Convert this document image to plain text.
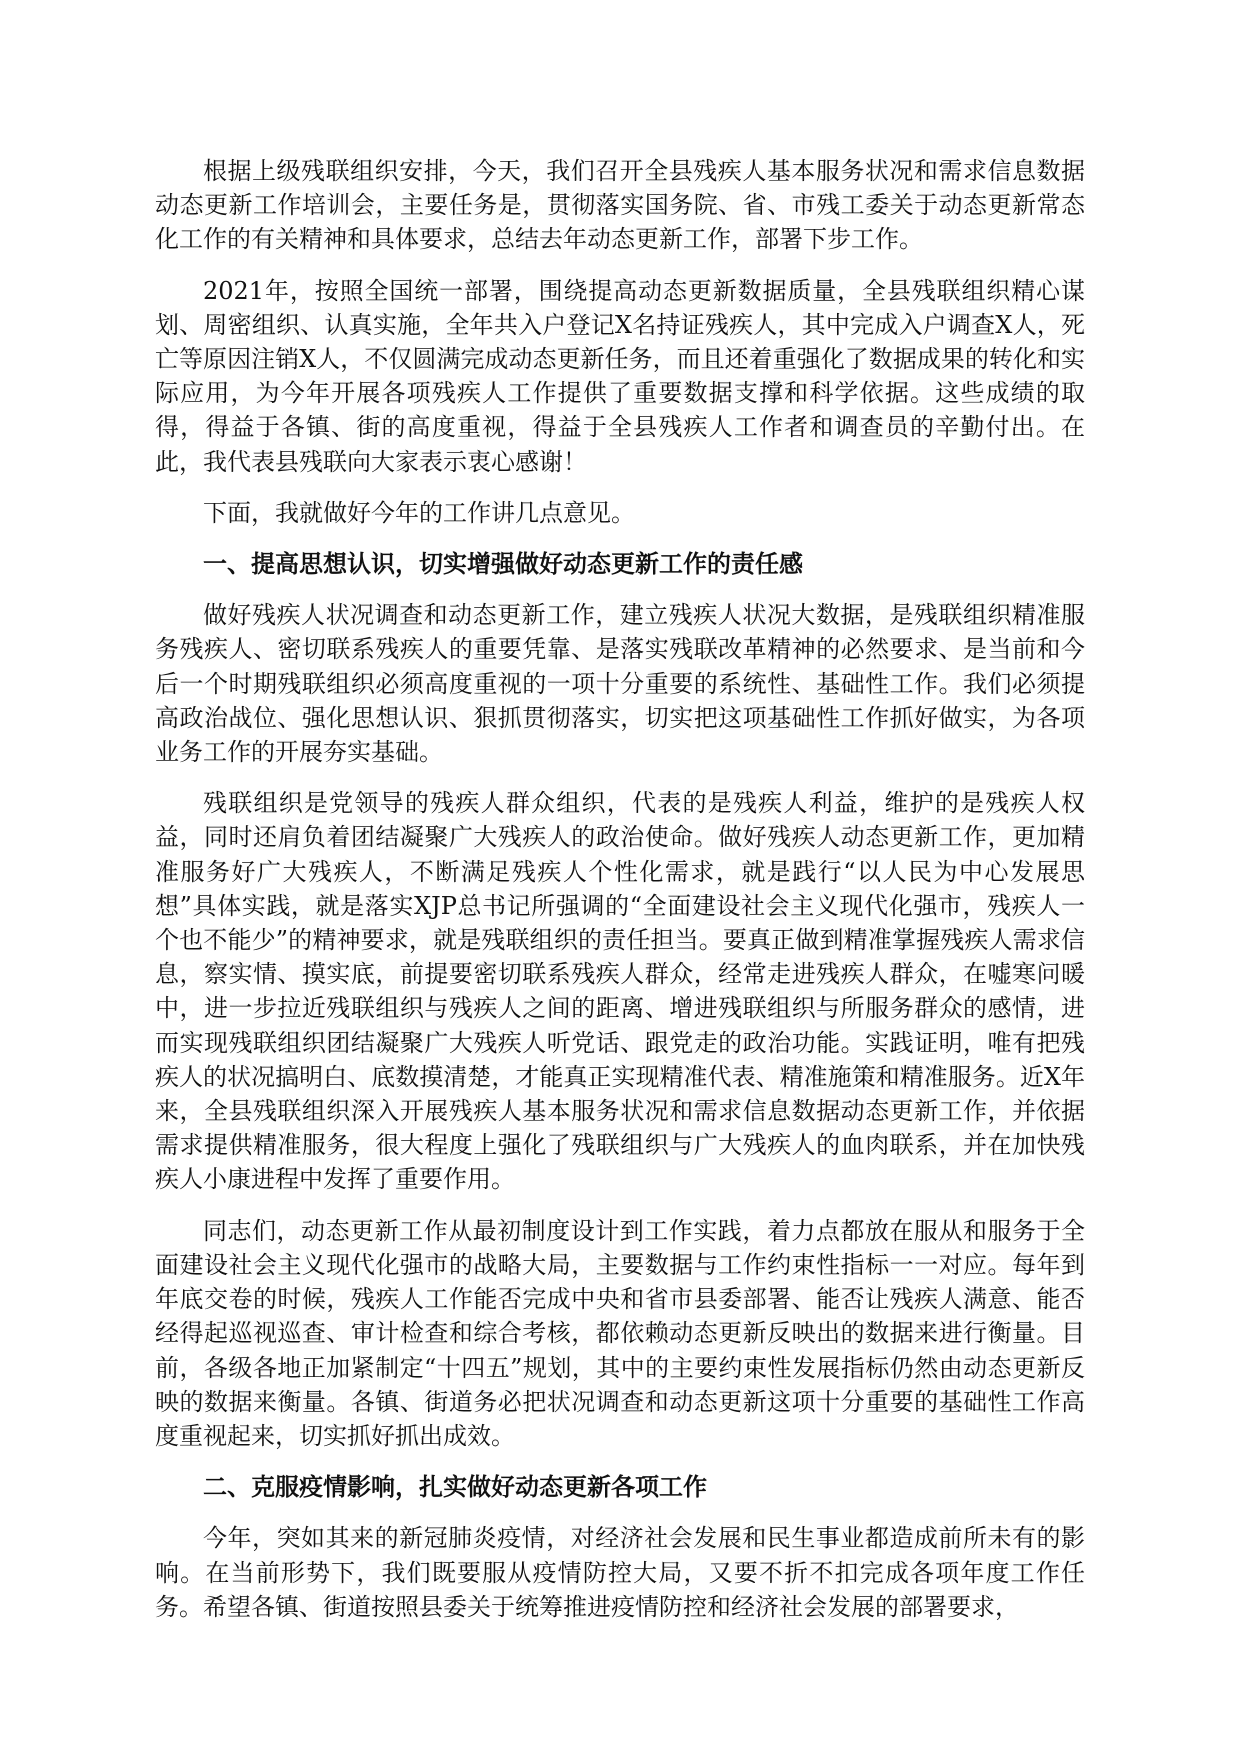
根据上级残联组织安排，今天，我们召开全县残疾人基本服务状况和需求信息数据动态更新工作培训会，主要任务是，贯彻落实国务院、省、市残工委关于动态更新常态化工作的有关精神和具体要求，总结去年动态更新工作，部署下步工作。

2021年，按照全国统一部署，围绕提高动态更新数据质量，全县残联组织精心谋划、周密组织、认真实施，全年共入户登记X名持证残疾人，其中完成入户调查X人，死亡等原因注销X人，不仅圆满完成动态更新任务，而且还着重强化了数据成果的转化和实际应用，为今年开展各项残疾人工作提供了重要数据支撑和科学依据。这些成绩的取得，得益于各镇、街的高度重视，得益于全县残疾人工作者和调查员的辛勤付出。在此，我代表县残联向大家表示衷心感谢！

下面，我就做好今年的工作讲几点意见。

一、提高思想认识，切实增强做好动态更新工作的责任感

做好残疾人状况调查和动态更新工作，建立残疾人状况大数据，是残联组织精准服务残疾人、密切联系残疾人的重要凭靠、是落实残联改革精神的必然要求、是当前和今后一个时期残联组织必须高度重视的一项十分重要的系统性、基础性工作。我们必须提高政治战位、强化思想认识、狠抓贯彻落实，切实把这项基础性工作抓好做实，为各项业务工作的开展夯实基础。

残联组织是党领导的残疾人群众组织，代表的是残疾人利益，维护的是残疾人权益，同时还肩负着团结凝聚广大残疾人的政治使命。做好残疾人动态更新工作，更加精准服务好广大残疾人，不断满足残疾人个性化需求，就是践行“以人民为中心发展思想”具体实践，就是落实XJP总书记所强调的“全面建设社会主义现代化强市，残疾人一个也不能少”的精神要求，就是残联组织的责任担当。要真正做到精准掌握残疾人需求信息，察实情、摸实底，前提要密切联系残疾人群众，经常走进残疾人群众，在嘘寒问暖中，进一步拉近残联组织与残疾人之间的距离、增进残联组织与所服务群众的感情，进而实现残联组织团结凝聚广大残疾人听党话、跟党走的政治功能。实践证明，唯有把残疾人的状况搞明白、底数摸清楚，才能真正实现精准代表、精准施策和精准服务。近X年来，全县残联组织深入开展残疾人基本服务状况和需求信息数据动态更新工作，并依据需求提供精准服务，很大程度上强化了残联组织与广大残疾人的血肉联系，并在加快残疾人小康进程中发挥了重要作用。

同志们，动态更新工作从最初制度设计到工作实践，着力点都放在服从和服务于全面建设社会主义现代化强市的战略大局，主要数据与工作约束性指标一一对应。每年到年底交卷的时候，残疾人工作能否完成中央和省市县委部署、能否让残疾人满意、能否经得起巡视巡查、审计检查和综合考核，都依赖动态更新反映出的数据来进行衡量。目前，各级各地正加紧制定“十四五”规划，其中的主要约束性发展指标仍然由动态更新反映的数据来衡量。各镇、街道务必把状况调查和动态更新这项十分重要的基础性工作高度重视起来，切实抓好抓出成效。

二、克服疫情影响，扎实做好动态更新各项工作

今年，突如其来的新冠肺炎疫情，对经济社会发展和民生事业都造成前所未有的影响。在当前形势下，我们既要服从疫情防控大局，又要不折不扣完成各项年度工作任务。希望各镇、街道按照县委关于统筹推进疫情防控和经济社会发展的部署要求，
